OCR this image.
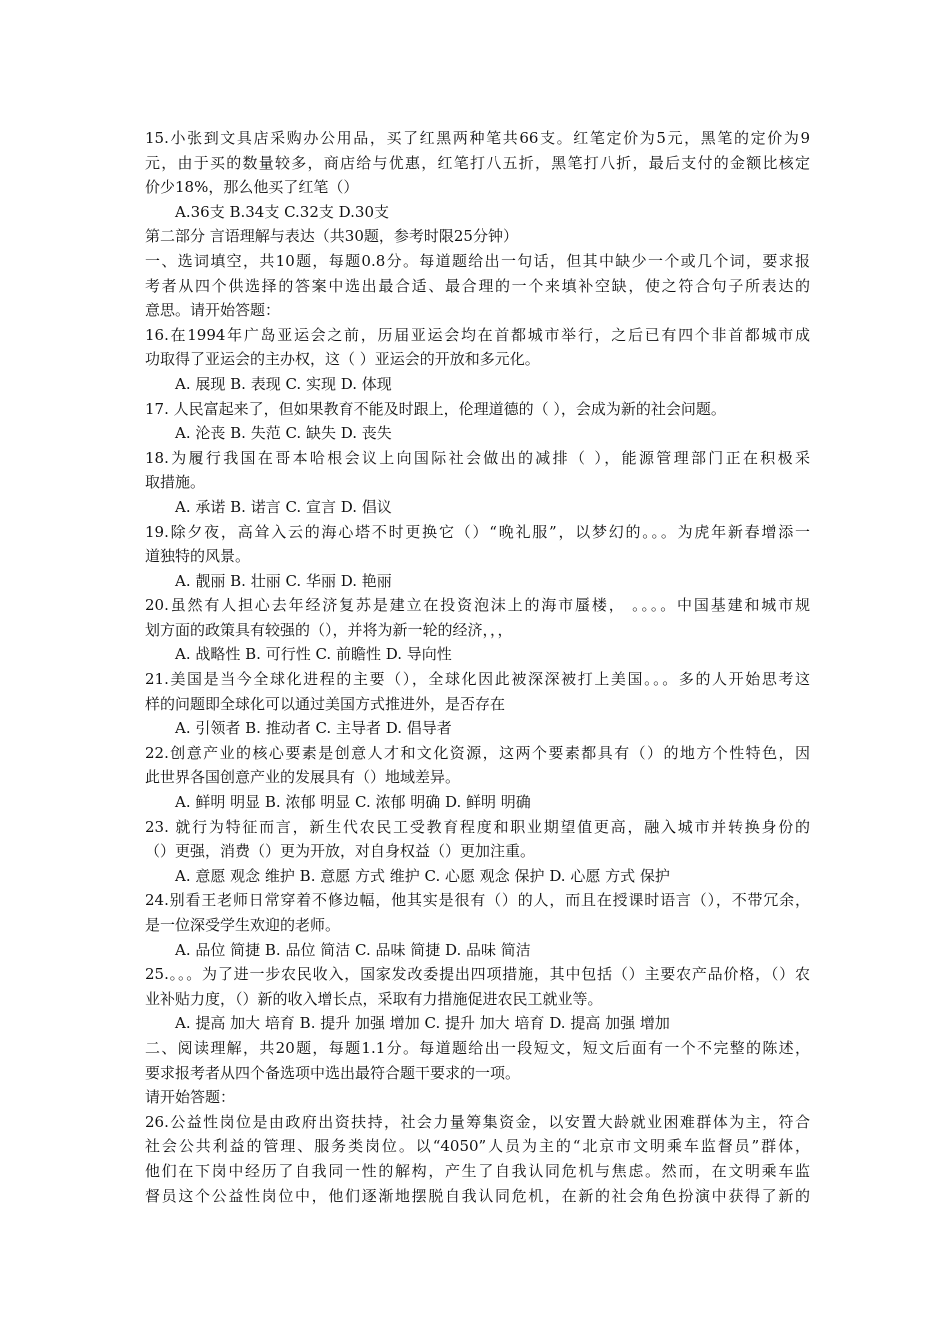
15.小张到文具店采购办公用品，买了红黑两种笔共66支。红笔定价为5元，黑笔的定价为9
元，由于买的数量较多，商店给与优惠，红笔打八五折，黑笔打八折，最后支付的金额比核定
价少18%，那么他买了红笔（）
A.36支 B.34支 C.32支 D.30支
第二部分 言语理解与表达（共30题，参考时限25分钟）
一、选词填空，共10题，每题0.8分。每道题给出一句话，但其中缺少一个或几个词，要求报
考者从四个供选择的答案中选出最合适、最合理的一个来填补空缺，使之符合句子所表达的
意思。请开始答题：
16.在1994年广岛亚运会之前，历届亚运会均在首都城市举行，之后已有四个非首都城市成
功取得了亚运会的主办权，这（ ）亚运会的开放和多元化。
A. 展现 B. 表现 C. 实现 D. 体现
17. 人民富起来了，但如果教育不能及时跟上，伦理道德的（ ），会成为新的社会问题。
A. 沦丧 B. 失范 C. 缺失 D. 丧失
18.为履行我国在哥本哈根会议上向国际社会做出的减排（ ），能源管理部门正在积极采
取措施。
A. 承诺 B. 诺言 C. 宣言 D. 倡议
19.除夕夜，高耸入云的海心塔不时更换它（）“晚礼服”，以梦幻的。。。为虎年新春增添一
道独特的风景。
A. 靓丽 B. 壮丽 C. 华丽 D. 艳丽
20.虽然有人担心去年经济复苏是建立在投资泡沫上的海市蜃楼， 。。。。中国基建和城市规
划方面的政策具有较强的（），并将为新一轮的经济，，，
A. 战略性 B. 可行性 C. 前瞻性 D. 导向性
21.美国是当今全球化进程的主要（），全球化因此被深深被打上美国。。。多的人开始思考这
样的问题即全球化可以通过美国方式推进外，是否存在
A. 引领者 B. 推动者 C. 主导者 D. 倡导者
22.创意产业的核心要素是创意人才和文化资源，这两个要素都具有（）的地方个性特色，因
此世界各国创意产业的发展具有（）地域差异。
A. 鲜明 明显 B. 浓郁 明显 C. 浓郁 明确 D. 鲜明 明确
23. 就行为特征而言，新生代农民工受教育程度和职业期望值更高，融入城市并转换身份的
（）更强，消费（）更为开放，对自身权益（）更加注重。
A. 意愿 观念 维护 B. 意愿 方式 维护 C. 心愿 观念 保护 D. 心愿 方式 保护
24.别看王老师日常穿着不修边幅，他其实是很有（）的人，而且在授课时语言（），不带冗余，
是一位深受学生欢迎的老师。
A. 品位 简捷 B. 品位 简洁 C. 品味 简捷 D. 品味 简洁
25.。。。为了进一步农民收入，国家发改委提出四项措施，其中包括（）主要农产品价格，（）农
业补贴力度，（）新的收入增长点，采取有力措施促进农民工就业等。
A. 提高 加大 培育 B. 提升 加强 增加 C. 提升 加大 培育 D. 提高 加强 增加
二、阅读理解，共20题，每题1.1分。每道题给出一段短文，短文后面有一个不完整的陈述，
要求报考者从四个备选项中选出最符合题干要求的一项。
请开始答题：
26.公益性岗位是由政府出资扶持，社会力量筹集资金，以安置大龄就业困难群体为主，符合
社会公共利益的管理、服务类岗位。以“4050”人员为主的“北京市文明乘车监督员”群体，
他们在下岗中经历了自我同一性的解构，产生了自我认同危机与焦虑。然而，在文明乘车监
督员这个公益性岗位中，他们逐渐地摆脱自我认同危机，在新的社会角色扮演中获得了新的
